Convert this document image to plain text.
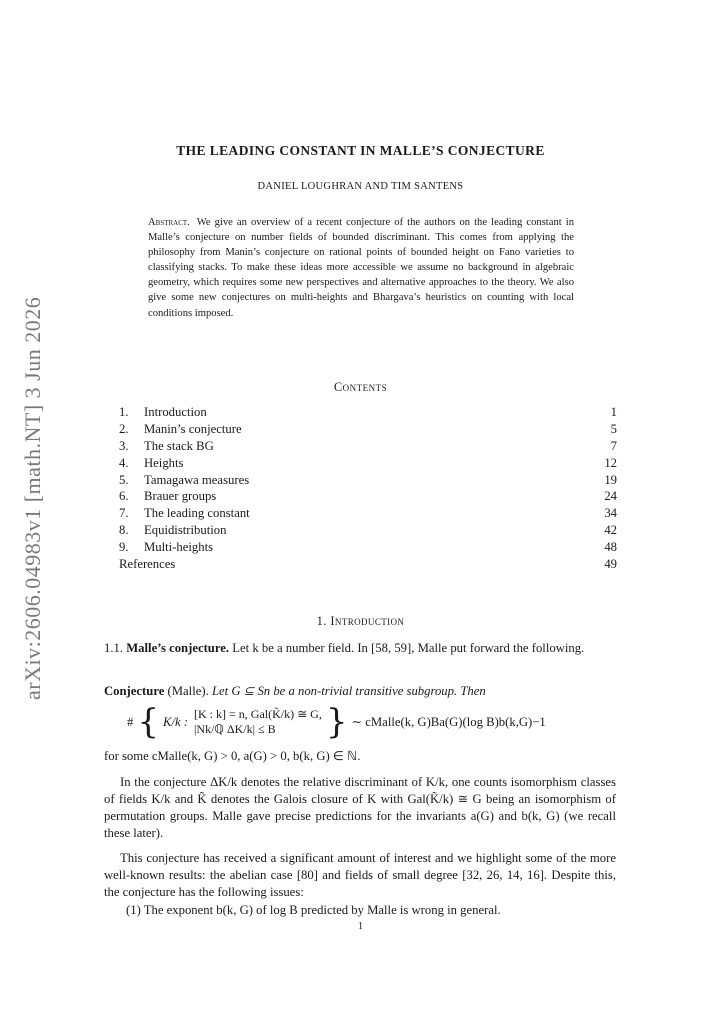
arXiv:2606.04983v1 [math.NT] 3 Jun 2026
THE LEADING CONSTANT IN MALLE’S CONJECTURE
DANIEL LOUGHRAN AND TIM SANTENS
Abstract. We give an overview of a recent conjecture of the authors on the leading constant in Malle’s conjecture on number fields of bounded discriminant. This comes from applying the philosophy from Manin’s conjecture on rational points of bounded height on Fano varieties to classifying stacks. To make these ideas more accessible we assume no background in algebraic geometry, which requires some new perspectives and alternative approaches to the theory. We also give some new conjectures on multi-heights and Bhargava’s heuristics on counting with local conditions imposed.
Contents
1.	Introduction	1
2.	Manin’s conjecture	5
3.	The stack BG	7
4.	Heights	12
5.	Tamagawa measures	19
6.	Brauer groups	24
7.	The leading constant	34
8.	Equidistribution	42
9.	Multi-heights	48
References	49
1. Introduction
1.1. Malle’s conjecture. Let k be a number field. In [58, 59], Malle put forward the following.
Conjecture (Malle). Let G ⊆ Sn be a non-trivial transitive subgroup. Then
# { K/k :
[K : k] = n, Gal(K̃/k) ≅ G,
|Nk/ℚ ΔK/k| ≤ B	} ∼ cMalle(k, G)Ba(G)(log B)b(k,G)−1
for some cMalle(k, G) > 0, a(G) > 0, b(k, G) ∈ ℕ.
In the conjecture ΔK/k denotes the relative discriminant of K/k, one counts isomorphism classes of fields K/k and K̃ denotes the Galois closure of K with Gal(K̃/k) ≅ G being an isomorphism of permutation groups. Malle gave precise predictions for the invariants a(G) and b(k, G) (we recall these later).
This conjecture has received a significant amount of interest and we highlight some of the more well-known results: the abelian case [80] and fields of small degree [32, 26, 14, 16]. Despite this, the conjecture has the following issues:
(1) The exponent b(k, G) of log B predicted by Malle is wrong in general.
1
